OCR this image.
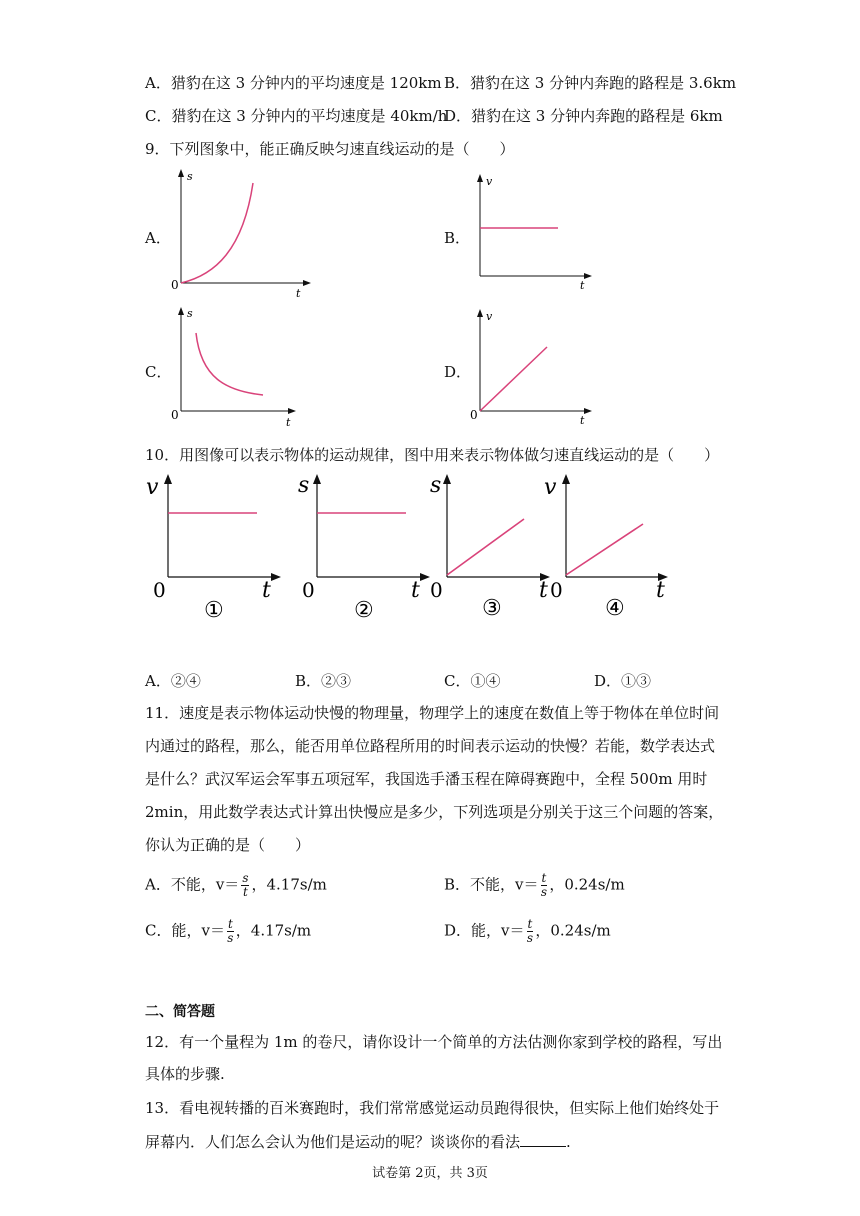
A．猎豹在这 3 分钟内的平均速度是 120km B．猎豹在这 3 分钟内奔跑的路程是 3.6km
C．猎豹在这 3 分钟内的平均速度是 40km/h
D．猎豹在这 3 分钟内奔跑的路程是 6km
9．下列图象中，能正确反映匀速直线运动的是（　　）
A．	B．
C．	D．
s
t
0
v
t
s
t
0
v
t
0
10．用图像可以表示物体的运动规律，图中用来表示物体做匀速直线运动的是（　　）
v
t
0
①
s
t
0
②
s
t
0
③
v
t
0
④
A．②④	B．②③	C．①④	D．①③
11．速度是表示物体运动快慢的物理量，物理学上的速度在数值上等于物体在单位时间
内通过的路程，那么，能否用单位路程所用的时间表示运动的快慢？若能，数学表达式
是什么？武汉军运会军事五项冠军，我国选手潘玉程在障碍赛跑中，全程 500m 用时
2min，用此数学表达式计算出快慢应是多少，下列选项是分别关于这三个问题的答案，
你认为正确的是（　　）
A．不能，$v= \frac{s}{t}$ ，4.17s/m	B．不能，$v= \frac{t}{s}$ ，0.24s/m
C．能，$v= \frac{t}{s}$ ，4.17s/m	D．能，$v= \frac{t}{s}$ ，0.24s/m
二、简答题
12．有一个量程为 1m 的卷尺，请你设计一个简单的方法估测你家到学校的路程，写出
具体的步骤.
13．看电视转播的百米赛跑时，我们常常感觉运动员跑得很快，但实际上他们始终处于
屏幕内．人们怎么会认为他们是运动的呢？谈谈你的看法	.
试卷第 2页，共 3页
